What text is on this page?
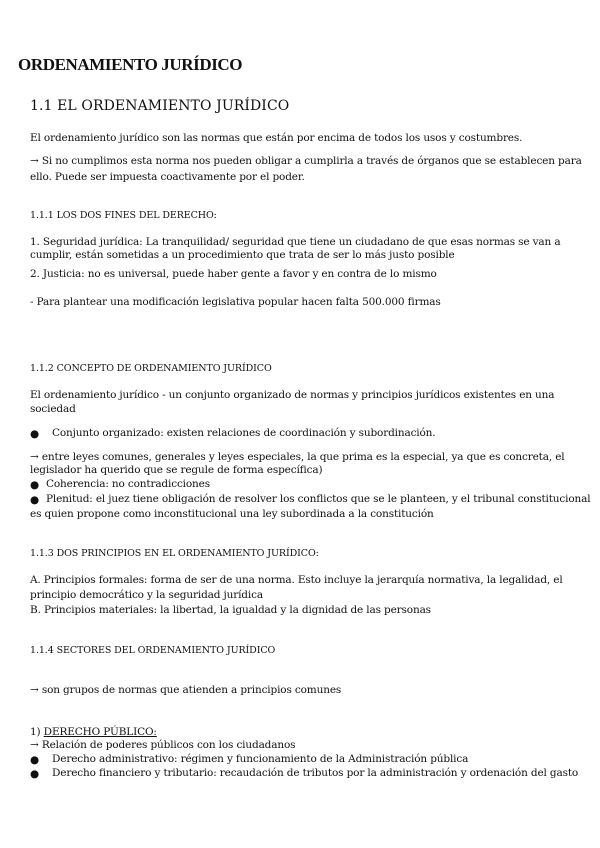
ORDENAMIENTO JURÍDICO
1.1 EL ORDENAMIENTO JURÍDICO
El ordenamiento jurídico son las normas que están por encima de todos los usos y costumbres.
→ Si no cumplimos esta norma nos pueden obligar a cumplirla a través de órganos que se establecen para
ello. Puede ser impuesta coactivamente por el poder.
1.1.1 LOS DOS FINES DEL DERECHO:
1. Seguridad jurídica: La tranquilidad/ seguridad que tiene un ciudadano de que esas normas se van a
cumplir, están sometidas a un procedimiento que trata de ser lo más justo posible
2. Justicia: no es universal, puede haber gente a favor y en contra de lo mismo
- Para plantear una modificación legislativa popular hacen falta 500.000 firmas
1.1.2 CONCEPTO DE ORDENAMIENTO JURÍDICO
El ordenamiento jurídico - un conjunto organizado de normas y principios jurídicos existentes en una
sociedad
● Conjunto organizado: existen relaciones de coordinación y subordinación.
→ entre leyes comunes, generales y leyes especiales, la que prima es la especial, ya que es concreta, el
legislador ha querido que se regule de forma específica)
● Coherencia: no contradicciones
● Plenitud: el juez tiene obligación de resolver los conflictos que se le planteen, y el tribunal constitucional
es quien propone como inconstitucional una ley subordinada a la constitución
1.1.3 DOS PRINCIPIOS EN EL ORDENAMIENTO JURÍDICO:
A. Principios formales: forma de ser de una norma. Esto incluye la jerarquía normativa, la legalidad, el
principio democrático y la seguridad jurídica
B. Principios materiales: la libertad, la igualdad y la dignidad de las personas
1.1.4 SECTORES DEL ORDENAMIENTO JURÍDICO
→ son grupos de normas que atienden a principios comunes
1) DERECHO PÚBLICO:
→ Relación de poderes públicos con los ciudadanos
● Derecho administrativo: régimen y funcionamiento de la Administración pública
● Derecho financiero y tributario: recaudación de tributos por la administración y ordenación del gasto
